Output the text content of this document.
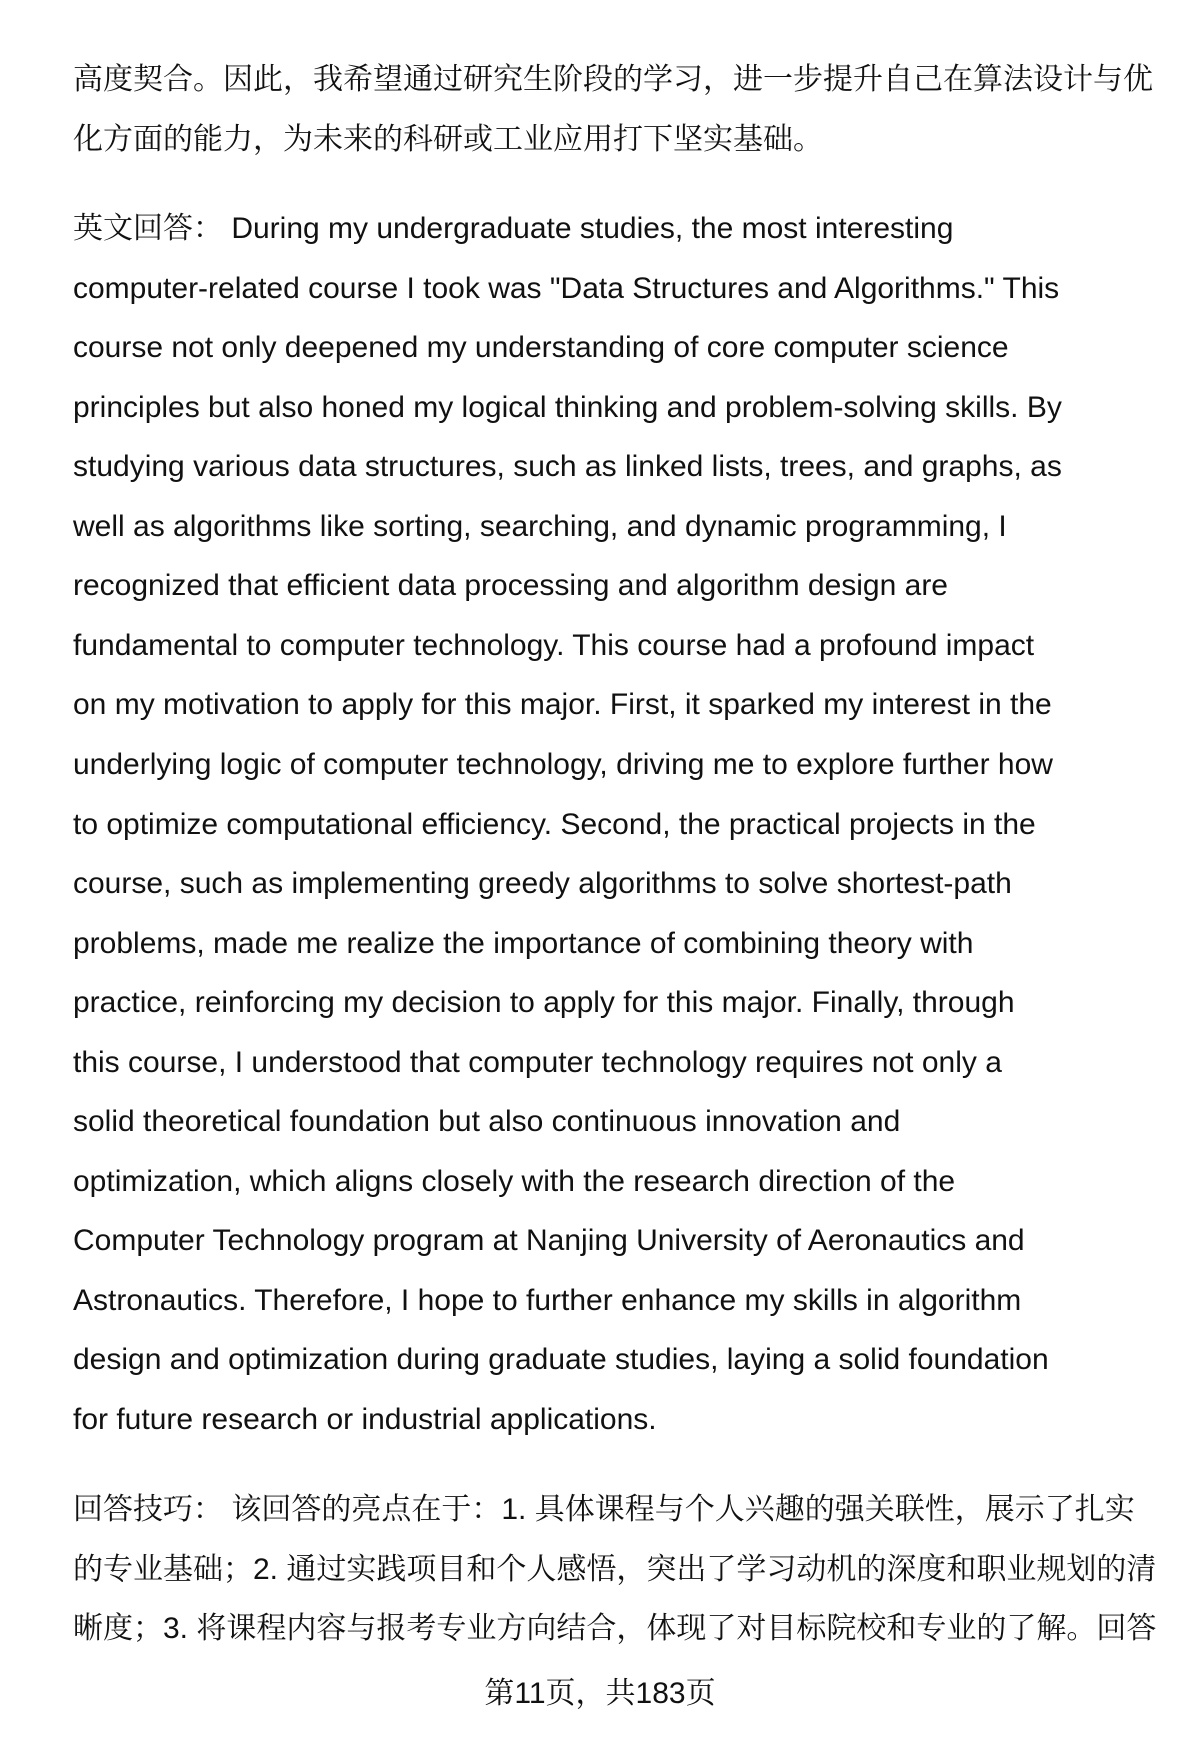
高度契合。因此，我希望通过研究生阶段的学习，进一步提升自己在算法设计与优
化方面的能力，为未来的科研或工业应用打下坚实基础。
英文回答： During my undergraduate studies, the most interesting
computer-related course I took was "Data Structures and Algorithms." This
course not only deepened my understanding of core computer science
principles but also honed my logical thinking and problem-solving skills. By
studying various data structures, such as linked lists, trees, and graphs, as
well as algorithms like sorting, searching, and dynamic programming, I
recognized that efficient data processing and algorithm design are
fundamental to computer technology. This course had a profound impact
on my motivation to apply for this major. First, it sparked my interest in the
underlying logic of computer technology, driving me to explore further how
to optimize computational efficiency. Second, the practical projects in the
course, such as implementing greedy algorithms to solve shortest-path
problems, made me realize the importance of combining theory with
practice, reinforcing my decision to apply for this major. Finally, through
this course, I understood that computer technology requires not only a
solid theoretical foundation but also continuous innovation and
optimization, which aligns closely with the research direction of the
Computer Technology program at Nanjing University of Aeronautics and
Astronautics. Therefore, I hope to further enhance my skills in algorithm
design and optimization during graduate studies, laying a solid foundation
for future research or industrial applications.
回答技巧： 该回答的亮点在于：1. 具体课程与个人兴趣的强关联性，展示了扎实
的专业基础；2. 通过实践项目和个人感悟，突出了学习动机的深度和职业规划的清
晰度；3. 将课程内容与报考专业方向结合，体现了对目标院校和专业的了解。回答
第11页，共183页
